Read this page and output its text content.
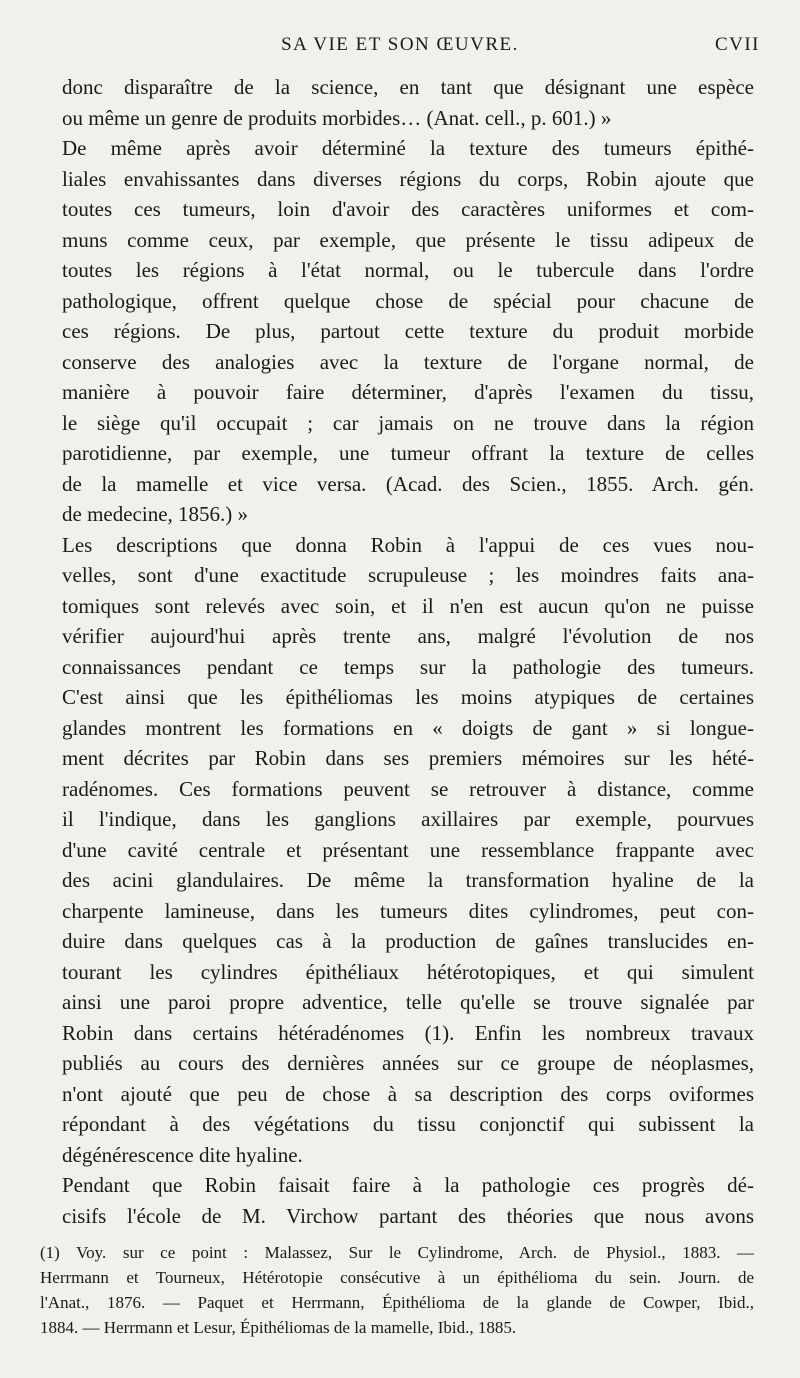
SA VIE ET SON ŒUVRE.	CVII
« donc disparaître de la science, en tant que désignant une espèce
« ou même un genre de produits morbides… (Anat. cell., p. 601.) »
De même après avoir déterminé la texture des tumeurs épithé-
liales envahissantes dans diverses régions du corps, Robin ajoute que
« toutes ces tumeurs, loin d'avoir des caractères uniformes et com-
« muns comme ceux, par exemple, que présente le tissu adipeux de
« toutes les régions à l'état normal, ou le tubercule dans l'ordre
« pathologique, offrent quelque chose de spécial pour chacune de
« ces régions. De plus, partout cette texture du produit morbide
« conserve des analogies avec la texture de l'organe normal, de
« manière à pouvoir faire déterminer, d'après l'examen du tissu,
« le siège qu'il occupait ; car jamais on ne trouve dans la région
« parotidienne, par exemple, une tumeur offrant la texture de celles
« de la mamelle et vice versa. (Acad. des Scien., 1855. Arch. gén.
« de medecine, 1856.) »
Les descriptions que donna Robin à l'appui de ces vues nou-
velles, sont d'une exactitude scrupuleuse ; les moindres faits ana-
tomiques sont relevés avec soin, et il n'en est aucun qu'on ne puisse
vérifier aujourd'hui après trente ans, malgré l'évolution de nos
connaissances pendant ce temps sur la pathologie des tumeurs.
C'est ainsi que les épithéliomas les moins atypiques de certaines
glandes montrent les formations en « doigts de gant » si longue-
ment décrites par Robin dans ses premiers mémoires sur les hété-
radénomes. Ces formations peuvent se retrouver à distance, comme
il l'indique, dans les ganglions axillaires par exemple, pourvues
d'une cavité centrale et présentant une ressemblance frappante avec
des acini glandulaires. De même la transformation hyaline de la
charpente lamineuse, dans les tumeurs dites cylindromes, peut con-
duire dans quelques cas à la production de gaînes translucides en-
tourant les cylindres épithéliaux hétérotopiques, et qui simulent
ainsi une paroi propre adventice, telle qu'elle se trouve signalée par
Robin dans certains hétéradénomes (1). Enfin les nombreux travaux
publiés au cours des dernières années sur ce groupe de néoplasmes,
n'ont ajouté que peu de chose à sa description des corps oviformes
répondant à des végétations du tissu conjonctif qui subissent la
dégénérescence dite hyaline.
Pendant que Robin faisait faire à la pathologie ces progrès dé-
cisifs l'école de M. Virchow partant des théories que nous avons
(1) Voy. sur ce point : Malassez, Sur le Cylindrome, Arch. de Physiol., 1883. —
Herrmann et Tourneux, Hétérotopie consécutive à un épithélioma du sein. Journ. de
l'Anat., 1876. — Paquet et Herrmann, Épithélioma de la glande de Cowper, Ibid.,
1884. — Herrmann et Lesur, Épithéliomas de la mamelle, Ibid., 1885.
